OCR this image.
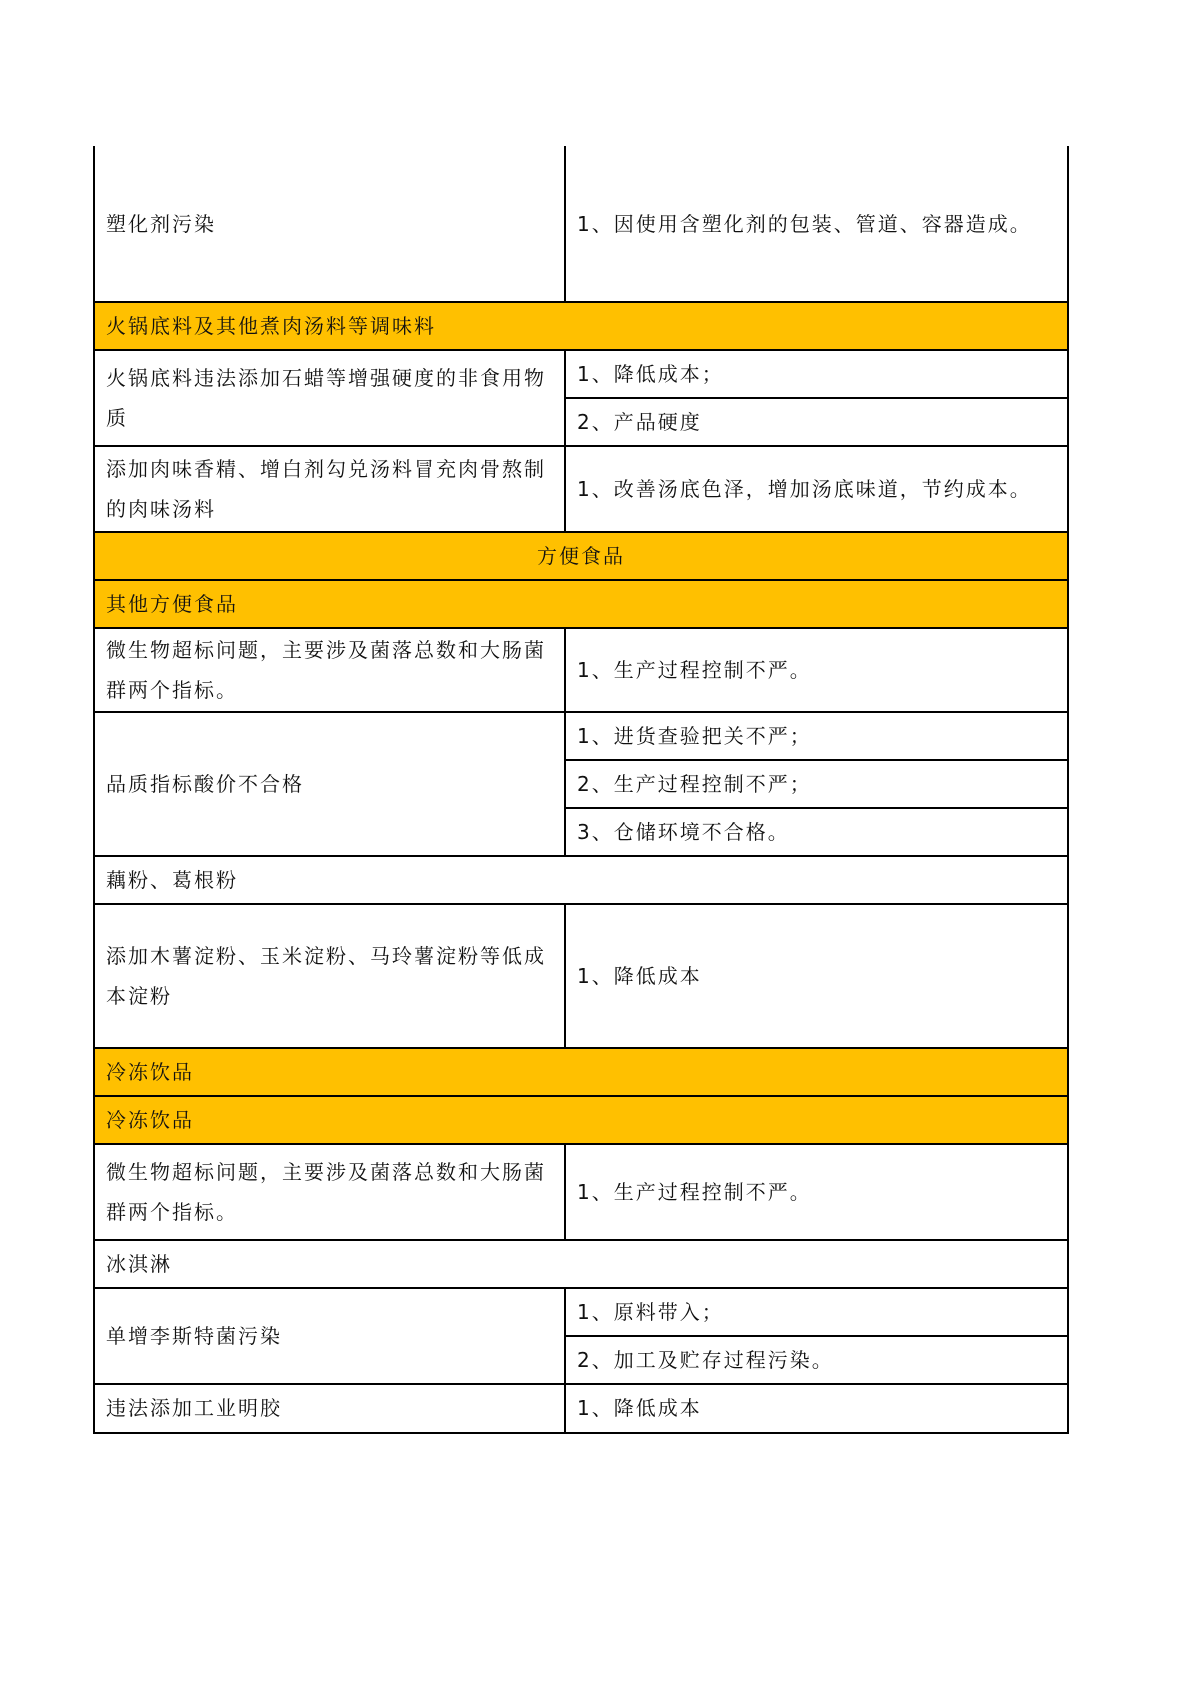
塑化剂污染	1、因使用含塑化剂的包装、管道、容器造成。
火锅底料及其他煮肉汤料等调味料
火锅底料违法添加石蜡等增强硬度的非食用物质
1、降低成本；
2、产品硬度
添加肉味香精、增白剂勾兑汤料冒充肉骨熬制的肉味汤料
1、改善汤底色泽，增加汤底味道，节约成本。
方便食品
其他方便食品
微生物超标问题，主要涉及菌落总数和大肠菌群两个指标。
1、生产过程控制不严。
品质指标酸价不合格
1、进货查验把关不严；
2、生产过程控制不严；
3、仓储环境不合格。
藕粉、葛根粉
添加木薯淀粉、玉米淀粉、马玲薯淀粉等低成本淀粉
1、降低成本
冷冻饮品
冷冻饮品
微生物超标问题，主要涉及菌落总数和大肠菌群两个指标。
1、生产过程控制不严。
冰淇淋
单增李斯特菌污染
1、原料带入；
2、加工及贮存过程污染。
违法添加工业明胶	1、降低成本
